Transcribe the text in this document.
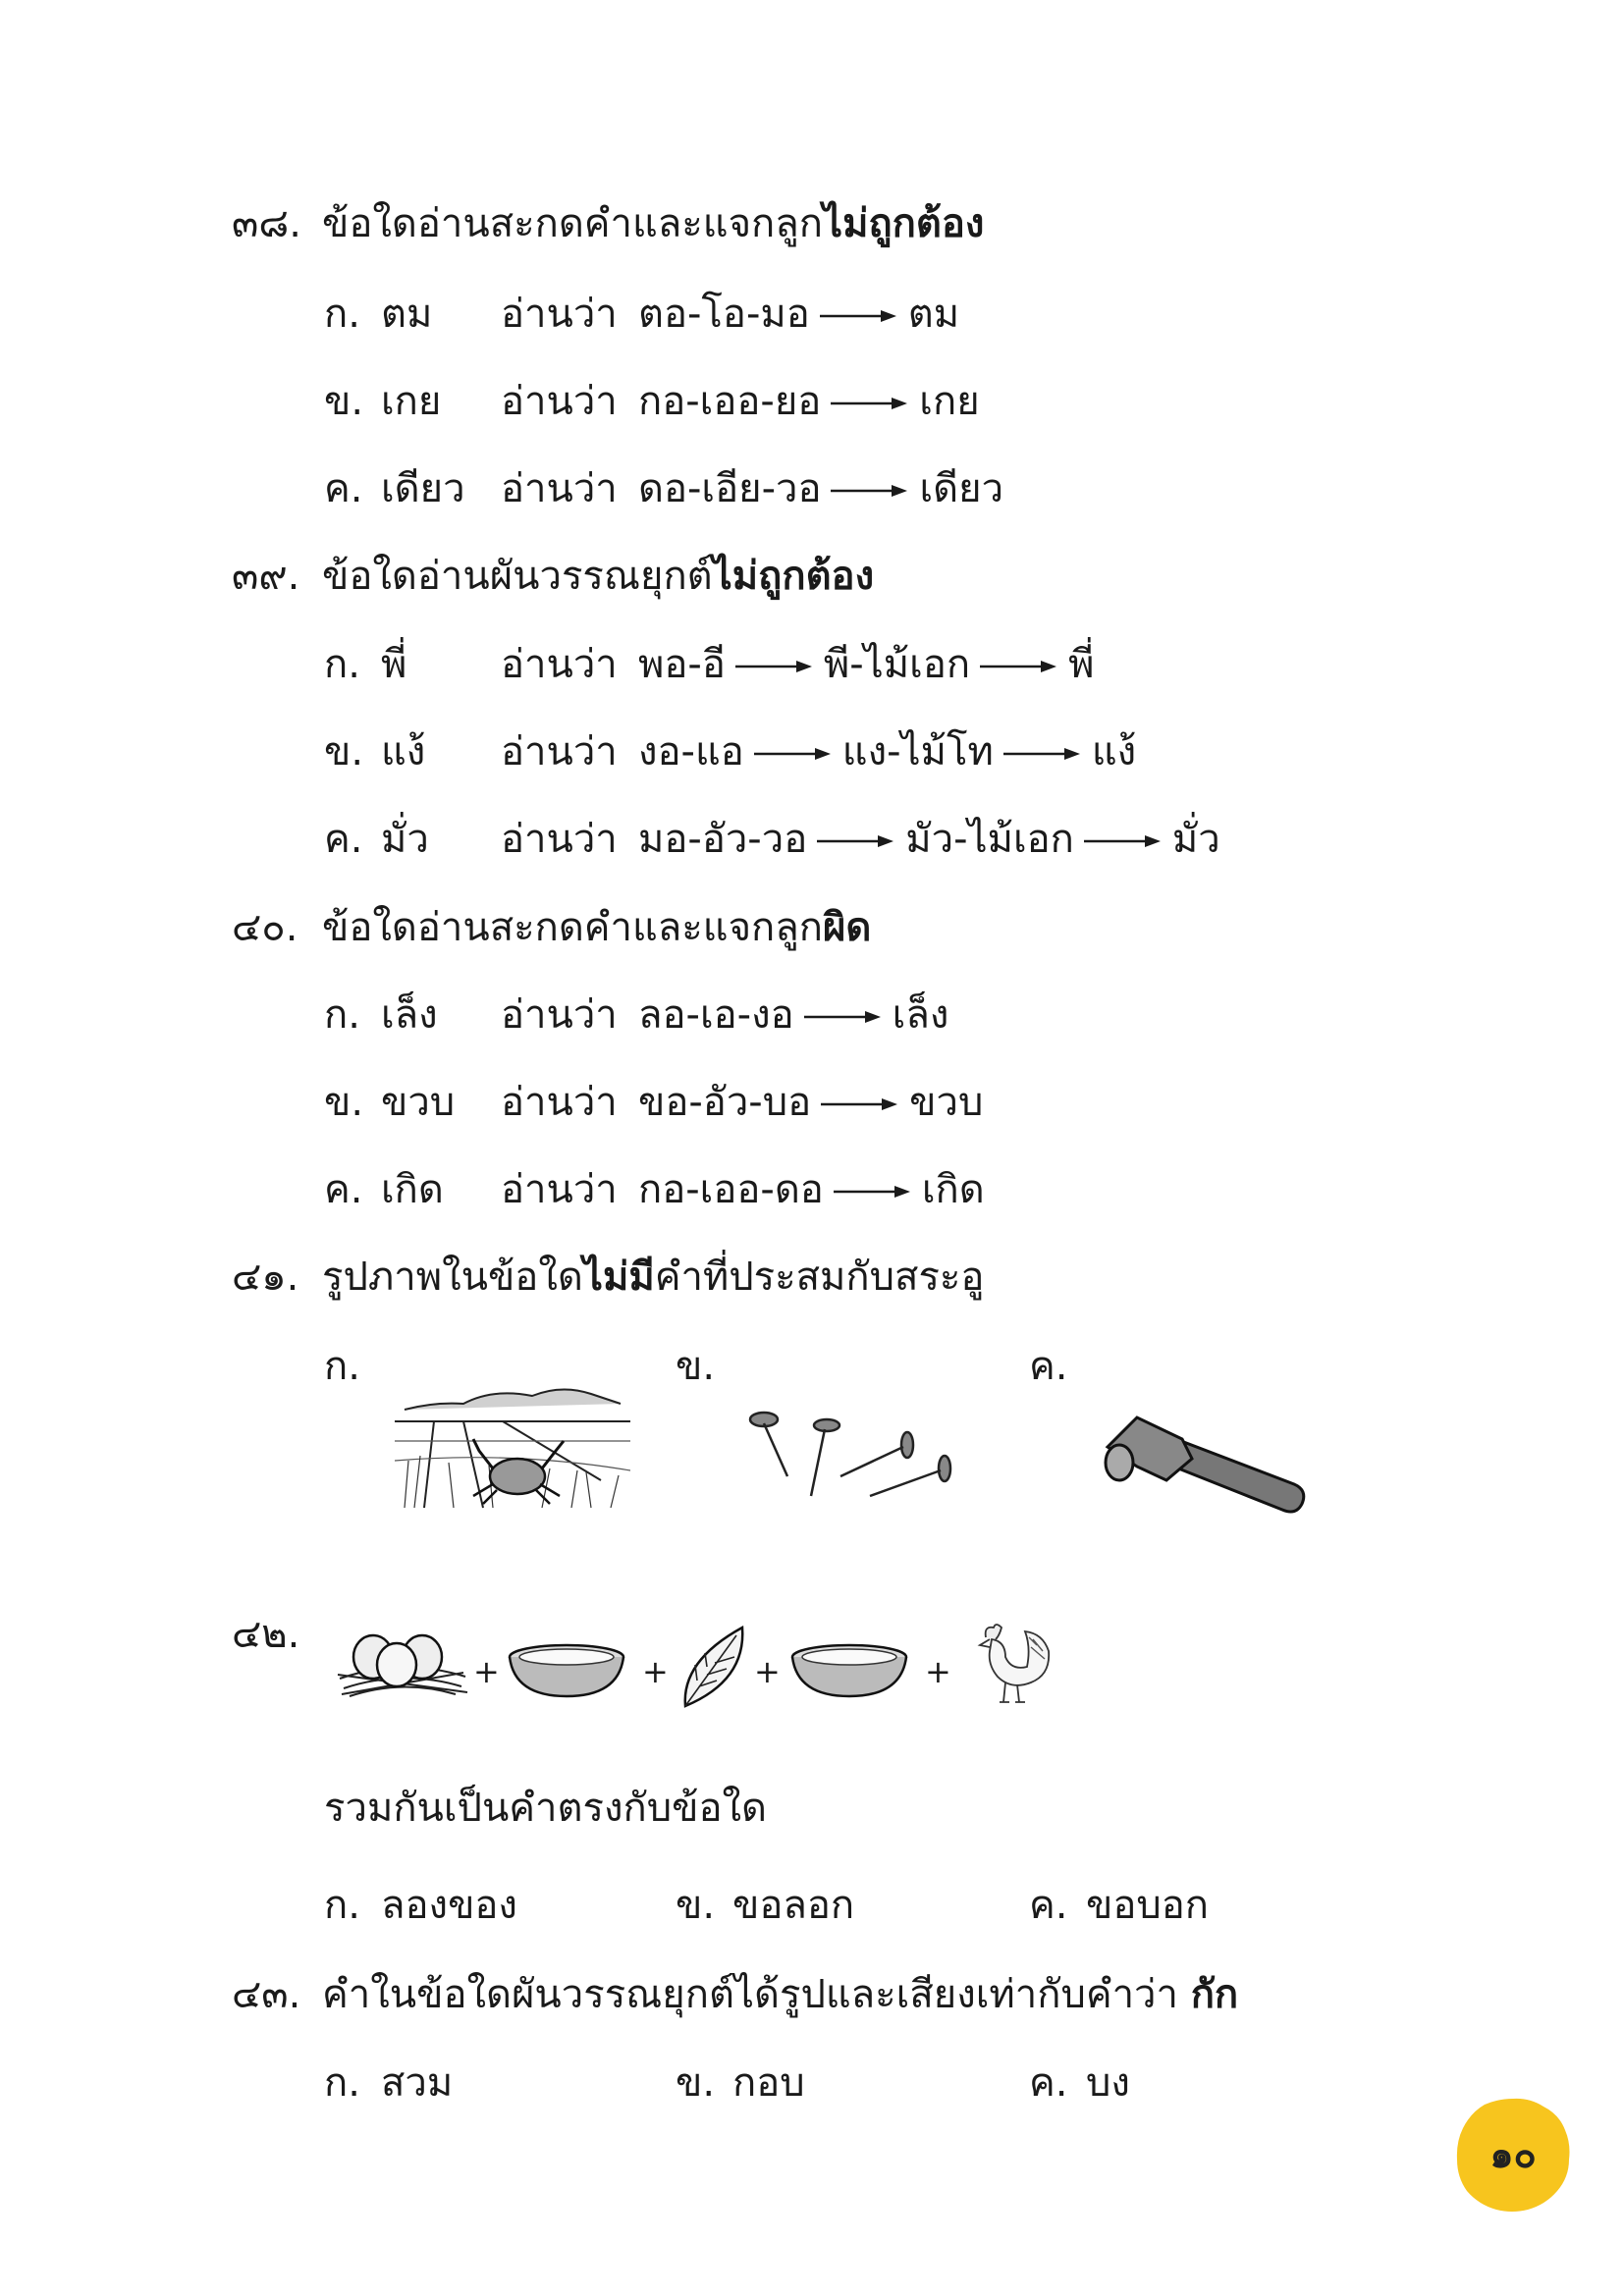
๓๘. ข้อใดอ่านสะกดคำและแจกลูกไม่ถูกต้อง
ก. ตม อ่านว่า ตอ-โอ-มอ	ตม
ข. เกย อ่านว่า กอ-เออ-ยอ	เกย
ค. เดียว อ่านว่า ดอ-เอีย-วอ	เดียว
๓๙. ข้อใดอ่านผันวรรณยุกต์ไม่ถูกต้อง
ก. พี่ อ่านว่า พอ-อี	พี-ไม้เอก	พี่
ข. แง้ อ่านว่า งอ-แอ	แง-ไม้โท	แง้
ค. มั่ว อ่านว่า มอ-อัว-วอ	มัว-ไม้เอก	มั่ว
๔๐. ข้อใดอ่านสะกดคำและแจกลูกผิด
ก. เล็ง อ่านว่า ลอ-เอ-งอ	เล็ง
ข. ขวบ อ่านว่า ขอ-อัว-บอ	ขวบ
ค. เกิด อ่านว่า กอ-เออ-ดอ	เกิด
๔๑. รูปภาพในข้อใดไม่มีคำที่ประสมกับสระอู
ก.	ข.	ค.
๔๒.
+	+	+	+
รวมกันเป็นคำตรงกับข้อใด
ก. ลองของ	ข. ขอลอก	ค. ขอบอก
๔๓. คำในข้อใดผันวรรณยุกต์ได้รูปและเสียงเท่ากับคำว่า กัก
ก. สวม	ข. กอบ	ค. บง
๑๐
